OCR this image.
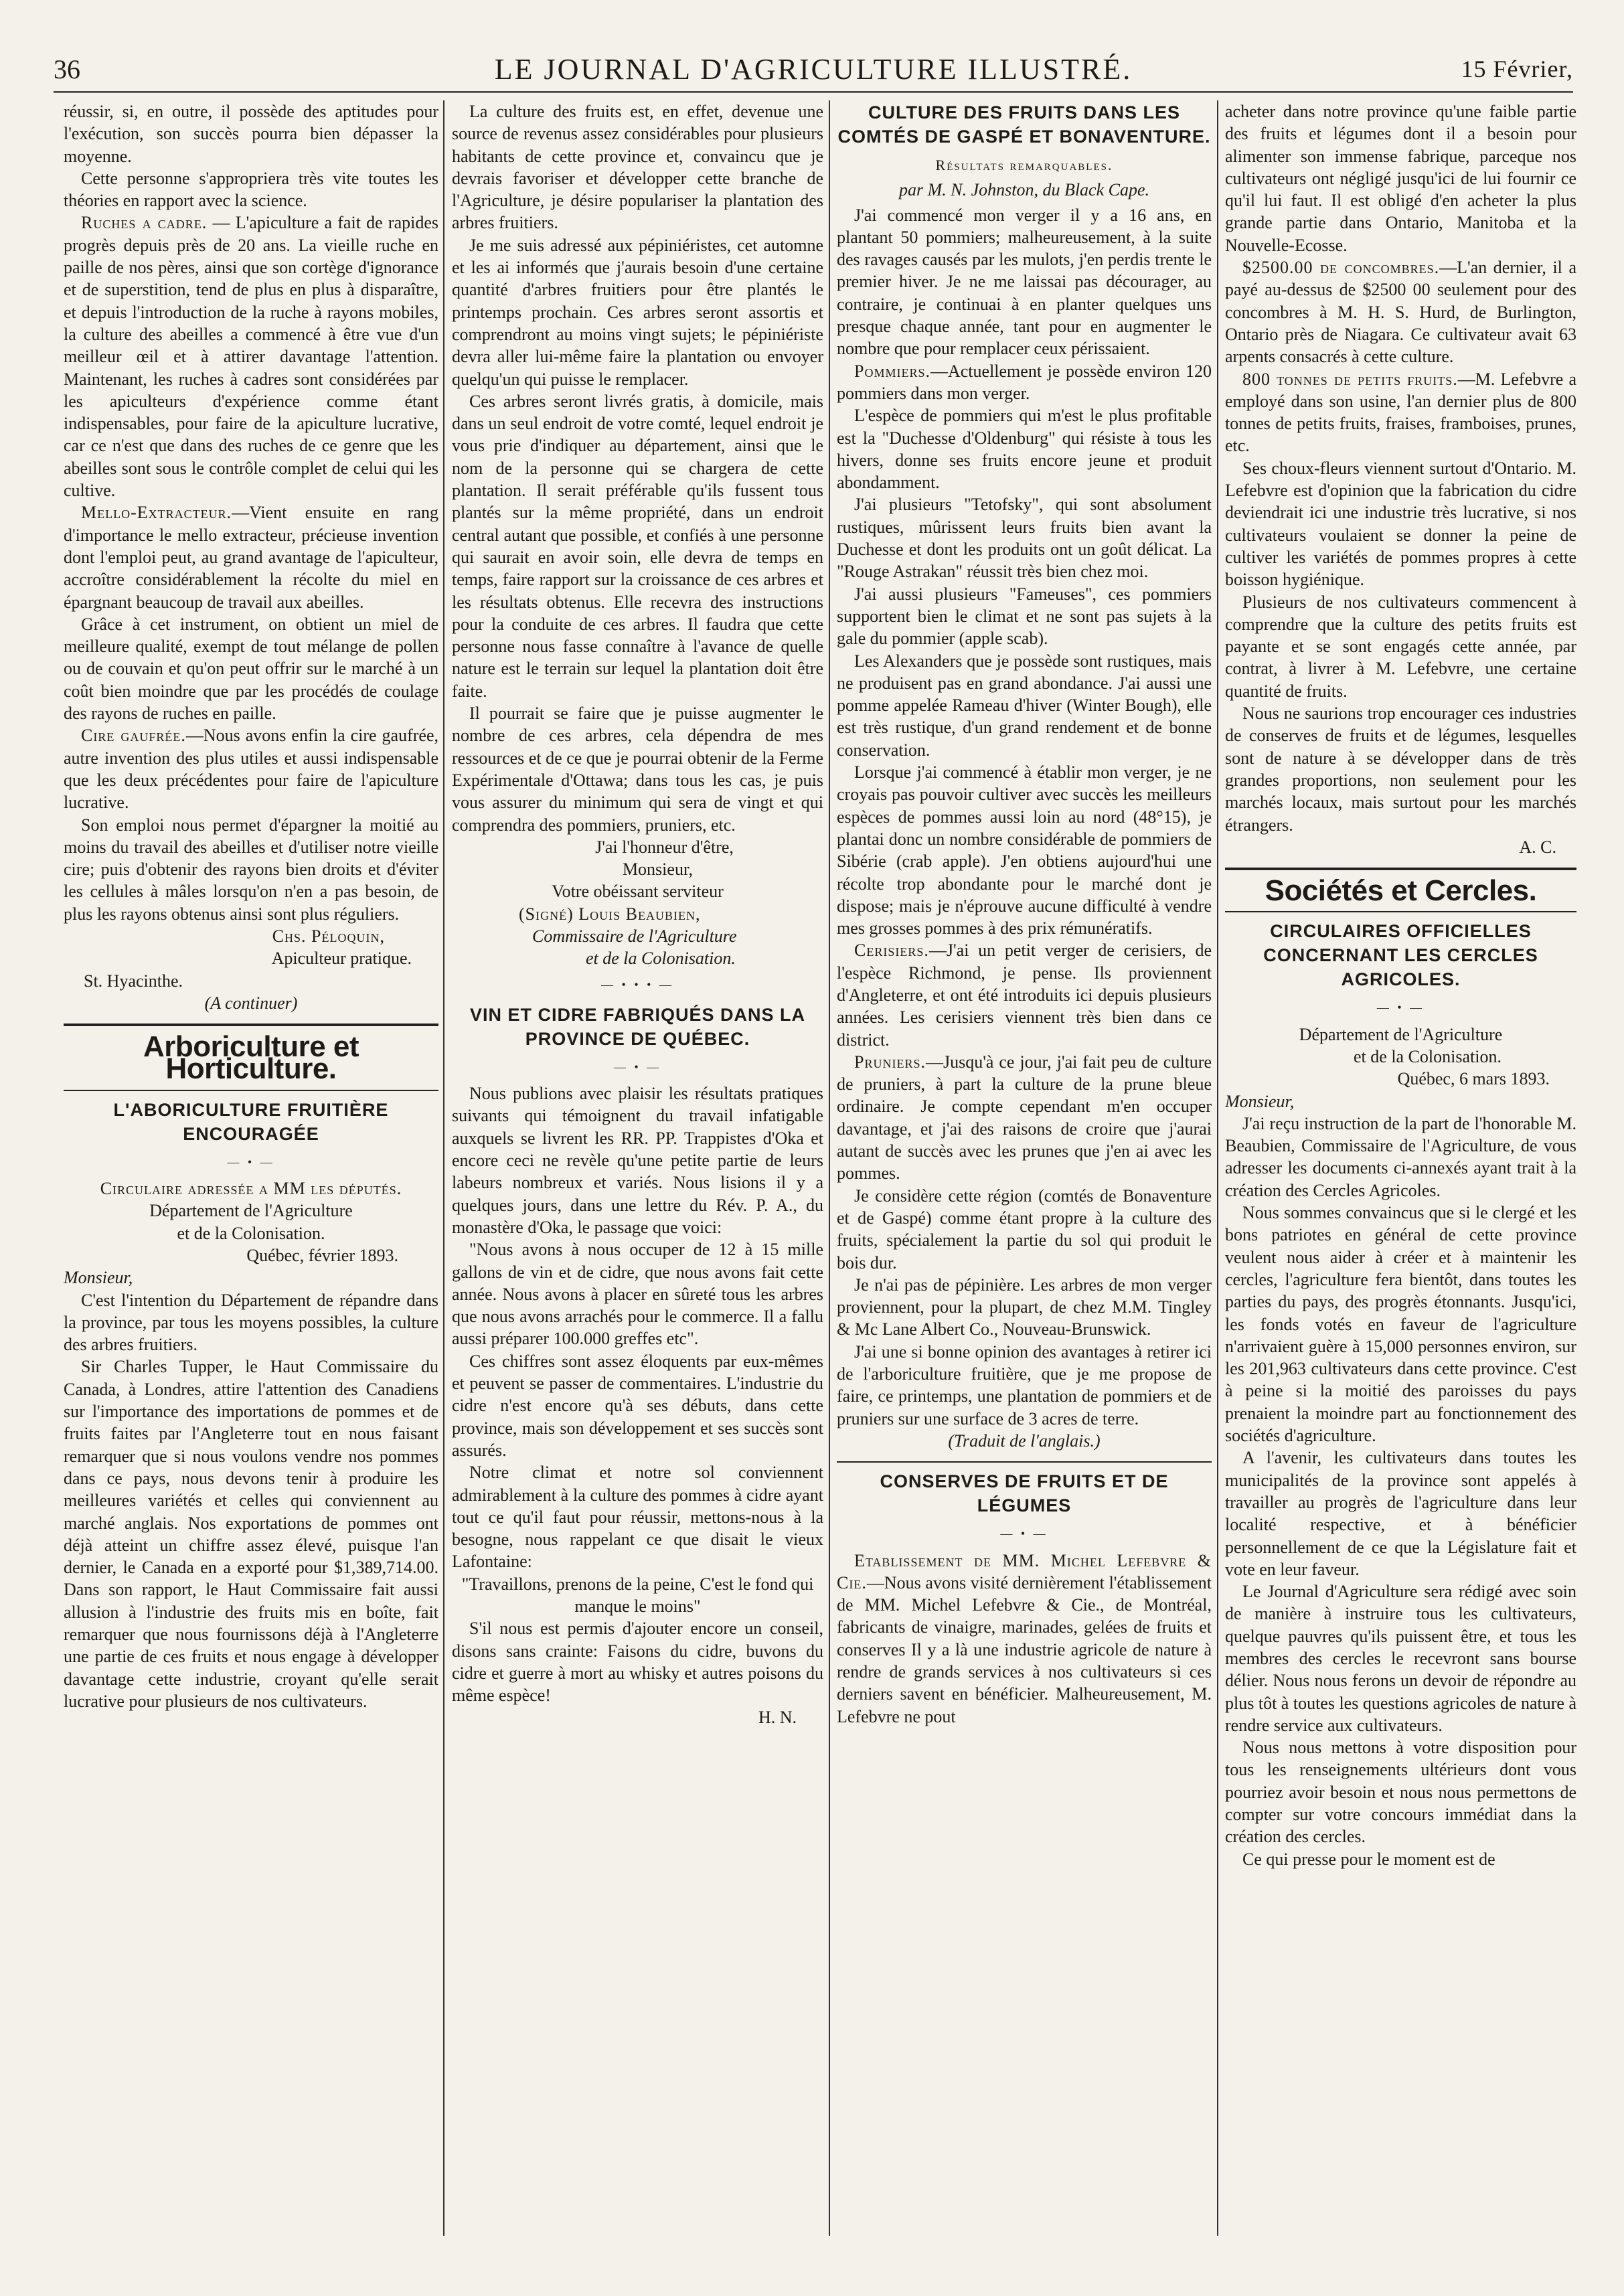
36	LE JOURNAL D'AGRICULTURE ILLUSTRÉ.	15 Février,

réussir, si, en outre, il possède des aptitudes pour l'exécution, son succès pourra bien dépasser la moyenne.

Cette personne s'appropriera très vite toutes les théories en rapport avec la science.

Ruches a cadre. — L'apiculture a fait de rapides progrès depuis près de 20 ans. La vieille ruche en paille de nos pères, ainsi que son cortège d'ignorance et de superstition, tend de plus en plus à disparaître, et depuis l'introduction de la ruche à rayons mobiles, la culture des abeilles a commencé à être vue d'un meilleur œil et à attirer davantage l'attention. Maintenant, les ruches à cadres sont considérées par les apiculteurs d'expérience comme étant indispensables, pour faire de la apiculture lucrative, car ce n'est que dans des ruches de ce genre que les abeilles sont sous le contrôle complet de celui qui les cultive.

Mello-Extracteur.—Vient ensuite en rang d'importance le mello extracteur, précieuse invention dont l'emploi peut, au grand avantage de l'apiculteur, accroître considérablement la récolte du miel en épargnant beaucoup de travail aux abeilles.

Grâce à cet instrument, on obtient un miel de meilleure qualité, exempt de tout mélange de pollen ou de couvain et qu'on peut offrir sur le marché à un coût bien moindre que par les procédés de coulage des rayons de ruches en paille.

Cire gaufrée.—Nous avons enfin la cire gaufrée, autre invention des plus utiles et aussi indispensable que les deux précédentes pour faire de l'apiculture lucrative.

Son emploi nous permet d'épargner la moitié au moins du travail des abeilles et d'utiliser notre vieille cire; puis d'obtenir des rayons bien droits et d'éviter les cellules à mâles lorsqu'on n'en a pas besoin, de plus les rayons obtenus ainsi sont plus réguliers.

Chs. Péloquin,

Apiculteur pratique.

St. Hyacinthe.

(A continuer)

Arboriculture et Horticulture.
L'ABORICULTURE FRUITIÈRE ENCOURAGÉE
— • —

Circulaire adressée a MM les députés.

Département de l'Agriculture

et de la Colonisation.

Québec, février 1893.

Monsieur,

C'est l'intention du Département de répandre dans la province, par tous les moyens possibles, la culture des arbres fruitiers.

Sir Charles Tupper, le Haut Commissaire du Canada, à Londres, attire l'attention des Canadiens sur l'importance des importations de pommes et de fruits faites par l'Angleterre tout en nous faisant remarquer que si nous voulons vendre nos pommes dans ce pays, nous devons tenir à produire les meilleures variétés et celles qui conviennent au marché anglais. Nos exportations de pommes ont déjà atteint un chiffre assez élevé, puisque l'an dernier, le Canada en a exporté pour $1,389,714.00. Dans son rapport, le Haut Commissaire fait aussi allusion à l'industrie des fruits mis en boîte, fait remarquer que nous fournissons déjà à l'Angleterre une partie de ces fruits et nous engage à développer davantage cette industrie, croyant qu'elle serait lucrative pour plusieurs de nos cultivateurs.

La culture des fruits est, en effet, devenue une source de revenus assez considérables pour plusieurs habitants de cette province et, convaincu que je devrais favoriser et développer cette branche de l'Agriculture, je désire populariser la plantation des arbres fruitiers.

Je me suis adressé aux pépiniéristes, cet automne et les ai informés que j'aurais besoin d'une certaine quantité d'arbres fruitiers pour être plantés le printemps prochain. Ces arbres seront assortis et comprendront au moins vingt sujets; le pépiniériste devra aller lui-même faire la plantation ou envoyer quelqu'un qui puisse le remplacer.

Ces arbres seront livrés gratis, à domicile, mais dans un seul endroit de votre comté, lequel endroit je vous prie d'indiquer au département, ainsi que le nom de la personne qui se chargera de cette plantation. Il serait préférable qu'ils fussent tous plantés sur la même propriété, dans un endroit central autant que possible, et confiés à une personne qui saurait en avoir soin, elle devra de temps en temps, faire rapport sur la croissance de ces arbres et les résultats obtenus. Elle recevra des instructions pour la conduite de ces arbres. Il faudra que cette personne nous fasse connaître à l'avance de quelle nature est le terrain sur lequel la plantation doit être faite.

Il pourrait se faire que je puisse augmenter le nombre de ces arbres, cela dépendra de mes ressources et de ce que je pourrai obtenir de la Ferme Expérimentale d'Ottawa; dans tous les cas, je puis vous assurer du minimum qui sera de vingt et qui comprendra des pommiers, pruniers, etc.

J'ai l'honneur d'être,

Monsieur,

Votre obéissant serviteur

(Signé) Louis Beaubien,

Commissaire de l'Agriculture

et de la Colonisation.

— • • • —
VIN ET CIDRE FABRIQUÉS DANS LA PROVINCE DE QUÉBEC.
— • —

Nous publions avec plaisir les résultats pratiques suivants qui témoignent du travail infatigable auxquels se livrent les RR. PP. Trappistes d'Oka et encore ceci ne revèle qu'une petite partie de leurs labeurs nombreux et variés. Nous lisions il y a quelques jours, dans une lettre du Rév. P. A., du monastère d'Oka, le passage que voici:

"Nous avons à nous occuper de 12 à 15 mille gallons de vin et de cidre, que nous avons fait cette année. Nous avons à placer en sûreté tous les arbres que nous avons arrachés pour le commerce. Il a fallu aussi préparer 100.000 greffes etc".

Ces chiffres sont assez éloquents par eux-mêmes et peuvent se passer de commentaires. L'industrie du cidre n'est encore qu'à ses débuts, dans cette province, mais son développement et ses succès sont assurés.

Notre climat et notre sol conviennent admirablement à la culture des pommes à cidre ayant tout ce qu'il faut pour réussir, mettons-nous à la besogne, nous rappelant ce que disait le vieux Lafontaine:

"Travaillons, prenons de la peine, C'est le fond qui manque le moins"

S'il nous est permis d'ajouter encore un conseil, disons sans crainte: Faisons du cidre, buvons du cidre et guerre à mort au whisky et autres poisons du même espèce!

H. N.

CULTURE DES FRUITS DANS LES COMTÉS DE GASPÉ ET BONAVENTURE.
Résultats remarquables.
par M. N. Johnston, du Black Cape.

J'ai commencé mon verger il y a 16 ans, en plantant 50 pommiers; malheureusement, à la suite des ravages causés par les mulots, j'en perdis trente le premier hiver. Je ne me laissai pas décourager, au contraire, je continuai à en planter quelques uns presque chaque année, tant pour en augmenter le nombre que pour remplacer ceux périssaient.

Pommiers.—Actuellement je possède environ 120 pommiers dans mon verger.

L'espèce de pommiers qui m'est le plus profitable est la "Duchesse d'Oldenburg" qui résiste à tous les hivers, donne ses fruits encore jeune et produit abondamment.

J'ai plusieurs "Tetofsky", qui sont absolument rustiques, mûrissent leurs fruits bien avant la Duchesse et dont les produits ont un goût délicat. La "Rouge Astrakan" réussit très bien chez moi.

J'ai aussi plusieurs "Fameuses", ces pommiers supportent bien le climat et ne sont pas sujets à la gale du pommier (apple scab).

Les Alexanders que je possède sont rustiques, mais ne produisent pas en grand abondance. J'ai aussi une pomme appelée Rameau d'hiver (Winter Bough), elle est très rustique, d'un grand rendement et de bonne conservation.

Lorsque j'ai commencé à établir mon verger, je ne croyais pas pouvoir cultiver avec succès les meilleurs espèces de pommes aussi loin au nord (48°15), je plantai donc un nombre considérable de pommiers de Sibérie (crab apple). J'en obtiens aujourd'hui une récolte trop abondante pour le marché dont je dispose; mais je n'éprouve aucune difficulté à vendre mes grosses pommes à des prix rémunératifs.

Cerisiers.—J'ai un petit verger de cerisiers, de l'espèce Richmond, je pense. Ils proviennent d'Angleterre, et ont été introduits ici depuis plusieurs années. Les cerisiers viennent très bien dans ce district.

Pruniers.—Jusqu'à ce jour, j'ai fait peu de culture de pruniers, à part la culture de la prune bleue ordinaire. Je compte cependant m'en occuper davantage, et j'ai des raisons de croire que j'aurai autant de succès avec les prunes que j'en ai avec les pommes.

Je considère cette région (comtés de Bonaventure et de Gaspé) comme étant propre à la culture des fruits, spécialement la partie du sol qui produit le bois dur.

Je n'ai pas de pépinière. Les arbres de mon verger proviennent, pour la plupart, de chez M.M. Tingley & Mc Lane Albert Co., Nouveau-Brunswick.

J'ai une si bonne opinion des avantages à retirer ici de l'arboriculture fruitière, que je me propose de faire, ce printemps, une plantation de pommiers et de pruniers sur une surface de 3 acres de terre.

(Traduit de l'anglais.)

CONSERVES DE FRUITS ET DE LÉGUMES
— • —

Etablissement de MM. Michel Lefebvre & Cie.—Nous avons visité dernièrement l'établissement de MM. Michel Lefebvre & Cie., de Montréal, fabricants de vinaigre, marinades, gelées de fruits et conserves Il y a là une industrie agricole de nature à rendre de grands services à nos cultivateurs si ces derniers savent en bénéficier. Malheureusement, M. Lefebvre ne pout

acheter dans notre province qu'une faible partie des fruits et légumes dont il a besoin pour alimenter son immense fabrique, parceque nos cultivateurs ont négligé jusqu'ici de lui fournir ce qu'il lui faut. Il est obligé d'en acheter la plus grande partie dans Ontario, Manitoba et la Nouvelle-Ecosse.

$2500.00 de concombres.—L'an dernier, il a payé au-dessus de $2500 00 seulement pour des concombres à M. H. S. Hurd, de Burlington, Ontario près de Niagara. Ce cultivateur avait 63 arpents consacrés à cette culture.

800 tonnes de petits fruits.—M. Lefebvre a employé dans son usine, l'an dernier plus de 800 tonnes de petits fruits, fraises, framboises, prunes, etc.

Ses choux-fleurs viennent surtout d'Ontario. M. Lefebvre est d'opinion que la fabrication du cidre deviendrait ici une industrie très lucrative, si nos cultivateurs voulaient se donner la peine de cultiver les variétés de pommes propres à cette boisson hygiénique.

Plusieurs de nos cultivateurs commencent à comprendre que la culture des petits fruits est payante et se sont engagés cette année, par contrat, à livrer à M. Lefebvre, une certaine quantité de fruits.

Nous ne saurions trop encourager ces industries de conserves de fruits et de légumes, lesquelles sont de nature à se développer dans de très grandes proportions, non seulement pour les marchés locaux, mais surtout pour les marchés étrangers.

A. C.

Sociétés et Cercles.
CIRCULAIRES OFFICIELLES CONCERNANT LES CERCLES AGRICOLES.
— • —

Département de l'Agriculture

et de la Colonisation.

Québec, 6 mars 1893.

Monsieur,

J'ai reçu instruction de la part de l'honorable M. Beaubien, Commissaire de l'Agriculture, de vous adresser les documents ci-annexés ayant trait à la création des Cercles Agricoles.

Nous sommes convaincus que si le clergé et les bons patriotes en général de cette province veulent nous aider à créer et à maintenir les cercles, l'agriculture fera bientôt, dans toutes les parties du pays, des progrès étonnants. Jusqu'ici, les fonds votés en faveur de l'agriculture n'arrivaient guère à 15,000 personnes environ, sur les 201,963 cultivateurs dans cette province. C'est à peine si la moitié des paroisses du pays prenaient la moindre part au fonctionnement des sociétés d'agriculture.

A l'avenir, les cultivateurs dans toutes les municipalités de la province sont appelés à travailler au progrès de l'agriculture dans leur localité respective, et à bénéficier personnellement de ce que la Législature fait et vote en leur faveur.

Le Journal d'Agriculture sera rédigé avec soin de manière à instruire tous les cultivateurs, quelque pauvres qu'ils puissent être, et tous les membres des cercles le recevront sans bourse délier. Nous nous ferons un devoir de répondre au plus tôt à toutes les questions agricoles de nature à rendre service aux cultivateurs.

Nous nous mettons à votre disposition pour tous les renseignements ultérieurs dont vous pourriez avoir besoin et nous nous permettons de compter sur votre concours immédiat dans la création des cercles.

Ce qui presse pour le moment est de
